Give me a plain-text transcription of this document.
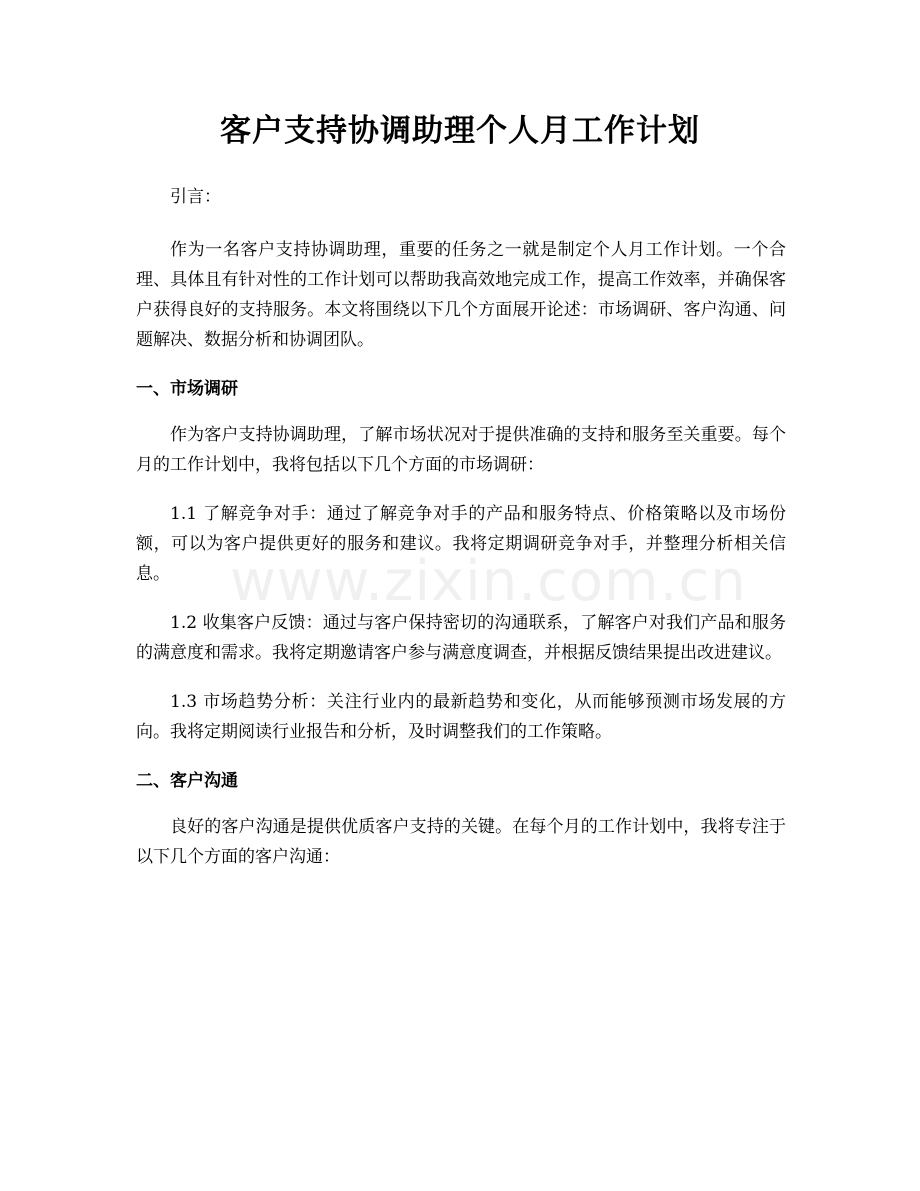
客户支持协调助理个人月工作计划

引言：

作为一名客户支持协调助理，重要的任务之一就是制定个人月工作计划。一个合理、具体且有针对性的工作计划可以帮助我高效地完成工作，提高工作效率，并确保客户获得良好的支持服务。本文将围绕以下几个方面展开论述：市场调研、客户沟通、问题解决、数据分析和协调团队。

一、市场调研

作为客户支持协调助理，了解市场状况对于提供准确的支持和服务至关重要。每个月的工作计划中，我将包括以下几个方面的市场调研：

1.1 了解竞争对手：通过了解竞争对手的产品和服务特点、价格策略以及市场份额，可以为客户提供更好的服务和建议。我将定期调研竞争对手，并整理分析相关信息。

1.2 收集客户反馈：通过与客户保持密切的沟通联系，了解客户对我们产品和服务的满意度和需求。我将定期邀请客户参与满意度调查，并根据反馈结果提出改进建议。

1.3 市场趋势分析：关注行业内的最新趋势和变化，从而能够预测市场发展的方向。我将定期阅读行业报告和分析，及时调整我们的工作策略。

二、客户沟通

良好的客户沟通是提供优质客户支持的关键。在每个月的工作计划中，我将专注于以下几个方面的客户沟通：

www.zixin.com.cn
